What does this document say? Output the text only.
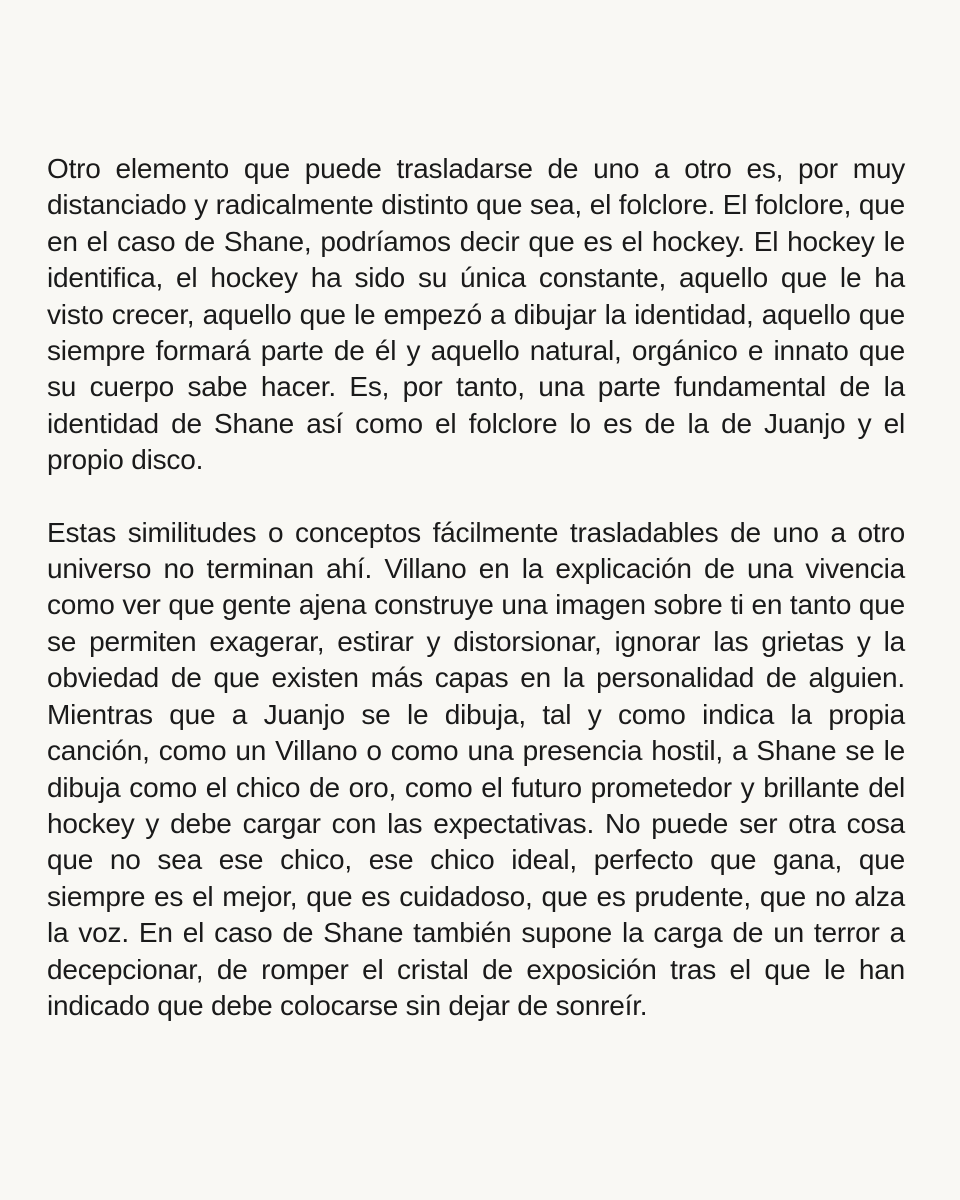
Otro elemento que puede trasladarse de uno a otro es, por muy distanciado y radicalmente distinto que sea, el folclore. El folclore, que en el caso de Shane, podríamos decir que es el hockey. El hockey le identifica, el hockey ha sido su única constante, aquello que le ha visto crecer, aquello que le empezó a dibujar la identidad, aquello que siempre formará parte de él y aquello natural, orgánico e innato que su cuerpo sabe hacer. Es, por tanto, una parte fundamental de la identidad de Shane así como el folclore lo es de la de Juanjo y el propio disco.

Estas similitudes o conceptos fácilmente trasladables de uno a otro universo no terminan ahí. Villano en la explicación de una vivencia como ver que gente ajena construye una imagen sobre ti en tanto que se permiten exagerar, estirar y distorsionar, ignorar las grietas y la obviedad de que existen más capas en la personalidad de alguien. Mientras que a Juanjo se le dibuja, tal y como indica la propia canción, como un Villano o como una presencia hostil, a Shane se le dibuja como el chico de oro, como el futuro prometedor y brillante del hockey y debe cargar con las expectativas. No puede ser otra cosa que no sea ese chico, ese chico ideal, perfecto que gana, que siempre es el mejor, que es cuidadoso, que es prudente, que no alza la voz. En el caso de Shane también supone la carga de un terror a decepcionar, de romper el cristal de exposición tras el que le han indicado que debe colocarse sin dejar de sonreír.
